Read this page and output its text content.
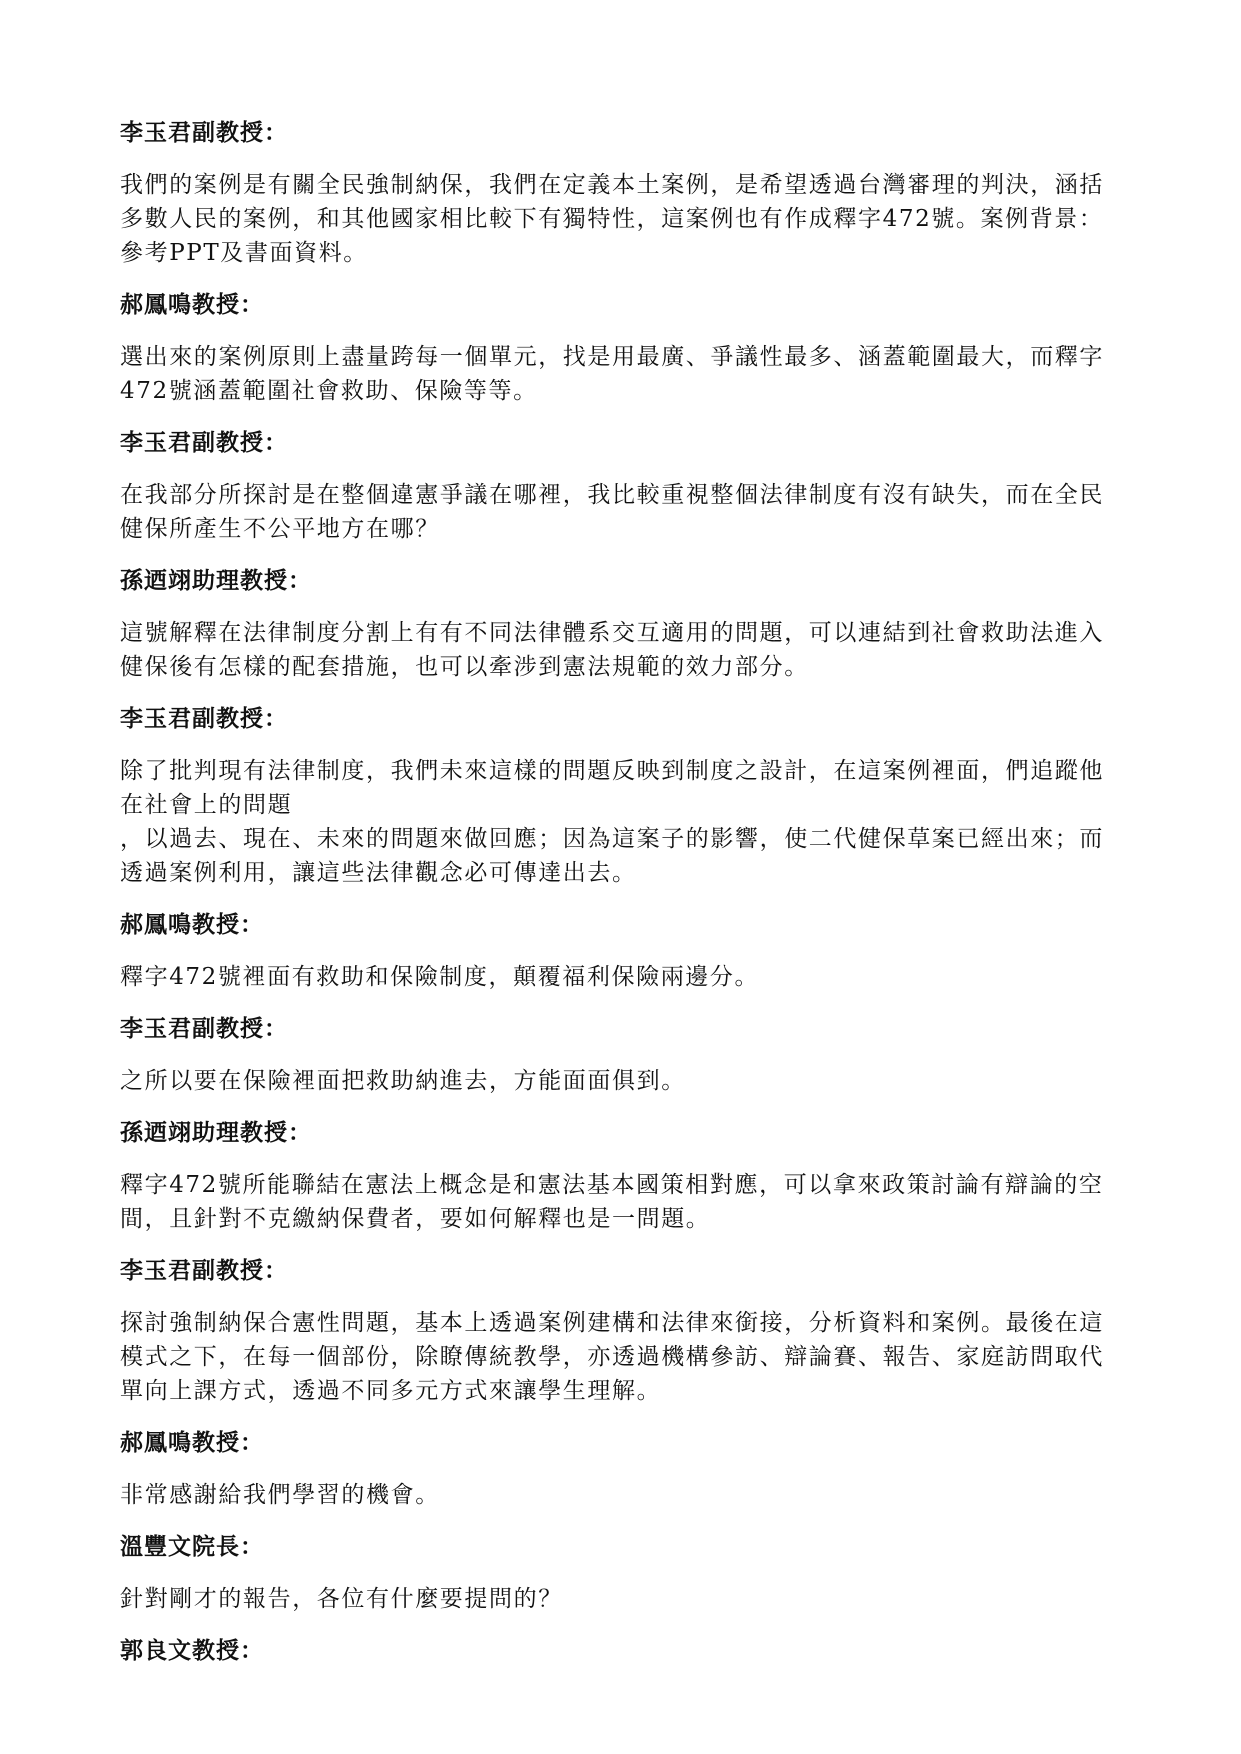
李玉君副教授：
我們的案例是有關全民強制納保，我們在定義本土案例，是希望透過台灣審理的判決，涵括
多數人民的案例，和其他國家相比較下有獨特性，這案例也有作成釋字472號。案例背景：
參考PPT及書面資料。
郝鳳鳴教授：
選出來的案例原則上盡量跨每一個單元，找是用最廣、爭議性最多、涵蓋範圍最大，而釋字
472號涵蓋範圍社會救助、保險等等。
李玉君副教授：
在我部分所探討是在整個違憲爭議在哪裡，我比較重視整個法律制度有沒有缺失，而在全民
健保所產生不公平地方在哪？
孫迺翊助理教授：
這號解釋在法律制度分割上有有不同法律體系交互適用的問題，可以連結到社會救助法進入
健保後有怎樣的配套措施，也可以牽涉到憲法規範的效力部分。
李玉君副教授：
除了批判現有法律制度，我們未來這樣的問題反映到制度之設計，在這案例裡面，們追蹤他
在社會上的問題
，以過去、現在、未來的問題來做回應；因為這案子的影響，使二代健保草案已經出來；而
透過案例利用，讓這些法律觀念必可傳達出去。
郝鳳鳴教授：
釋字472號裡面有救助和保險制度，顛覆福利保險兩邊分。
李玉君副教授：
之所以要在保險裡面把救助納進去，方能面面俱到。
孫迺翊助理教授：
釋字472號所能聯結在憲法上概念是和憲法基本國策相對應，可以拿來政策討論有辯論的空
間，且針對不克繳納保費者，要如何解釋也是一問題。
李玉君副教授：
探討強制納保合憲性問題，基本上透過案例建構和法律來銜接，分析資料和案例。最後在這
模式之下，在每一個部份，除瞭傳統教學，亦透過機構參訪、辯論賽、報告、家庭訪問取代
單向上課方式，透過不同多元方式來讓學生理解。
郝鳳鳴教授：
非常感謝給我們學習的機會。
溫豐文院長：
針對剛才的報告，各位有什麼要提問的？
郭良文教授：
